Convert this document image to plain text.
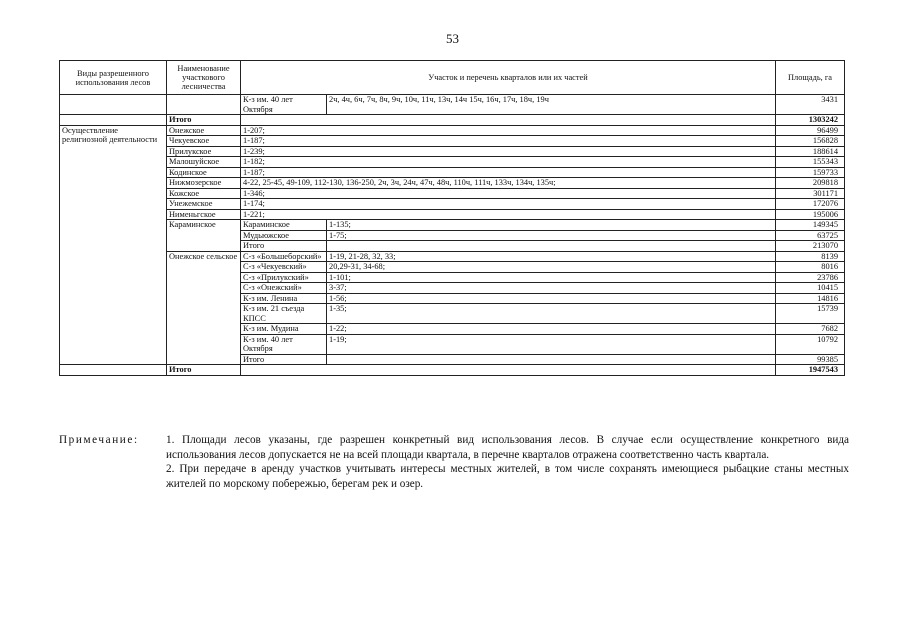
53
Виды разрешенного использования лесов	Наименование участкового лесничества	Участок и перечень кварталов или их частей		Площадь, га
		К-з им. 40 лет Октября	2ч, 4ч, 6ч, 7ч, 8ч, 9ч, 10ч, 11ч, 13ч, 14ч 15ч, 16ч, 17ч, 18ч, 19ч	3431
	Итого			1303242
Осуществление религиозной деятельности	Онежское	1-207;		96499
	Чекуевское	1-187;		156828
	Прилукское	1-239;		188614
	Малошуйское	1-182;		155343
	Кодинское	1-187;		159733
	Нижмозерское	4-22, 25-45, 49-109, 112-130, 136-250, 2ч, 3ч, 24ч, 47ч, 48ч, 110ч, 111ч, 133ч, 134ч, 135ч;		209818
	Кожское	1-346;		301171
	Унежемское	1-174;		172076
	Нименьгское	1-221;		195006
	Караминское	Караминское	1-135;	149345
		Мудьюжское	1-75;	63725
		Итого		213070
	Онежское сельское	С-з «Большеборский»	1-19, 21-28, 32, 33;	8139
		С-з «Чекуевский»	20,29-31, 34-68;	8016
		С-з «Прилукский»	1-101;	23786
		С-з «Онежский»	3-37;	10415
		К-з им. Ленина	1-56;	14816
		К-з им. 21 съезда КПСС	1-35;	15739
		К-з им. Мудина	1-22;	7682
		К-з им. 40 лет Октября	1-19;	10792
		Итого		99385
	Итого			1947543
Примечание:	1. Площади лесов указаны, где разрешен конкретный вид использования лесов. В случае если осуществление конкретного вида использования лесов допускается не на всей площади квартала, в перечне кварталов отражена соответственно часть квартала.
2. При передаче в аренду участков учитывать интересы местных жителей, в том числе сохранять имеющиеся рыбацкие станы местных жителей по морскому побережью, берегам рек и озер.
